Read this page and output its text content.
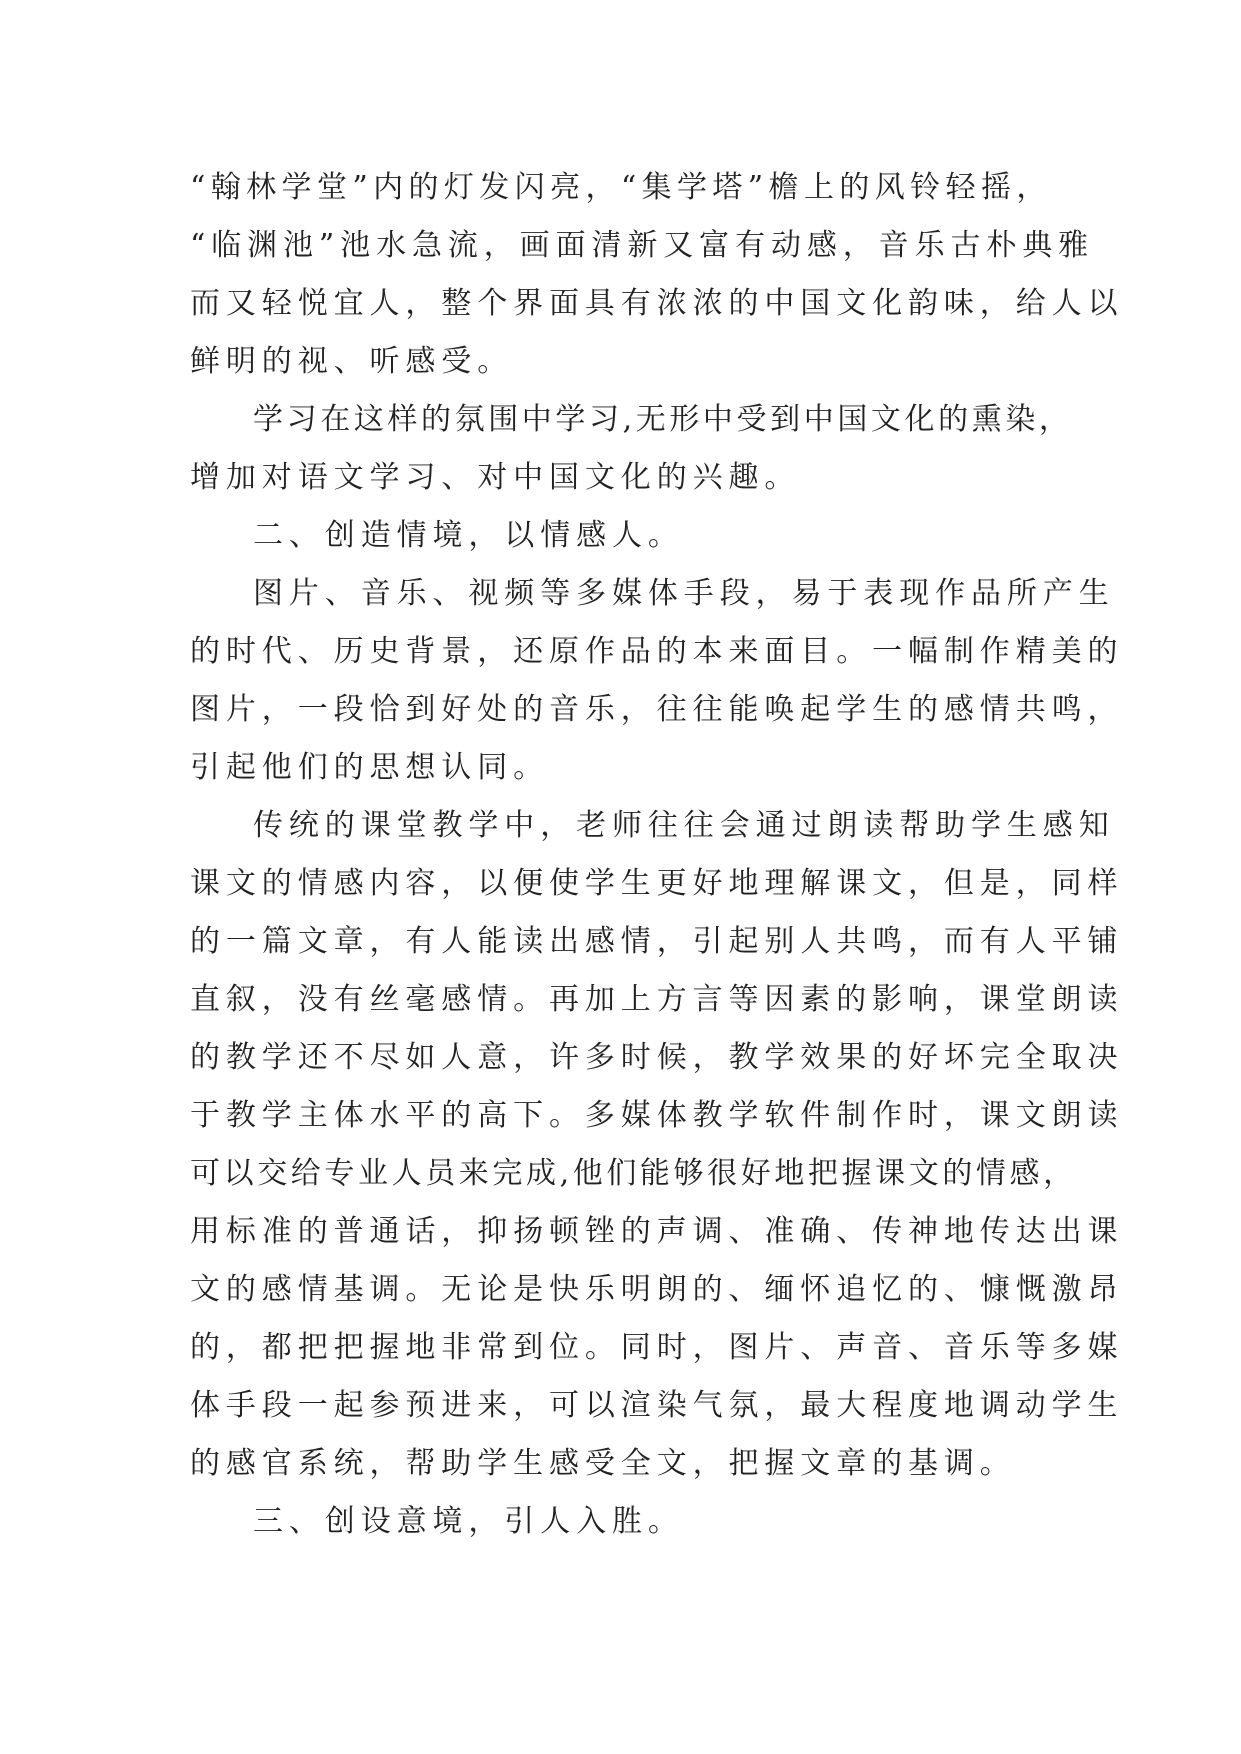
“翰林学堂”内的灯发闪亮，“集学塔”檐上的风铃轻摇，

“临渊池”池水急流，画面清新又富有动感，音乐古朴典雅

而又轻悦宜人，整个界面具有浓浓的中国文化韵味，给人以

鲜明的视、听感受。

学习在这样的氛围中学习,无形中受到中国文化的熏染，

增加对语文学习、对中国文化的兴趣。

二、创造情境，以情感人。

图片、音乐、视频等多媒体手段，易于表现作品所产生

的时代、历史背景，还原作品的本来面目。一幅制作精美的

图片，一段恰到好处的音乐，往往能唤起学生的感情共鸣，

引起他们的思想认同。

传统的课堂教学中，老师往往会通过朗读帮助学生感知

课文的情感内容，以便使学生更好地理解课文，但是，同样

的一篇文章，有人能读出感情，引起别人共鸣，而有人平铺

直叙，没有丝毫感情。再加上方言等因素的影响，课堂朗读

的教学还不尽如人意，许多时候，教学效果的好坏完全取决

于教学主体水平的高下。多媒体教学软件制作时，课文朗读

可以交给专业人员来完成,他们能够很好地把握课文的情感，

用标准的普通话，抑扬顿锉的声调、准确、传神地传达出课

文的感情基调。无论是快乐明朗的、缅怀追忆的、慷慨激昂

的，都把把握地非常到位。同时，图片、声音、音乐等多媒

体手段一起参预进来，可以渲染气氛，最大程度地调动学生

的感官系统，帮助学生感受全文，把握文章的基调。

三、创设意境，引人入胜。
